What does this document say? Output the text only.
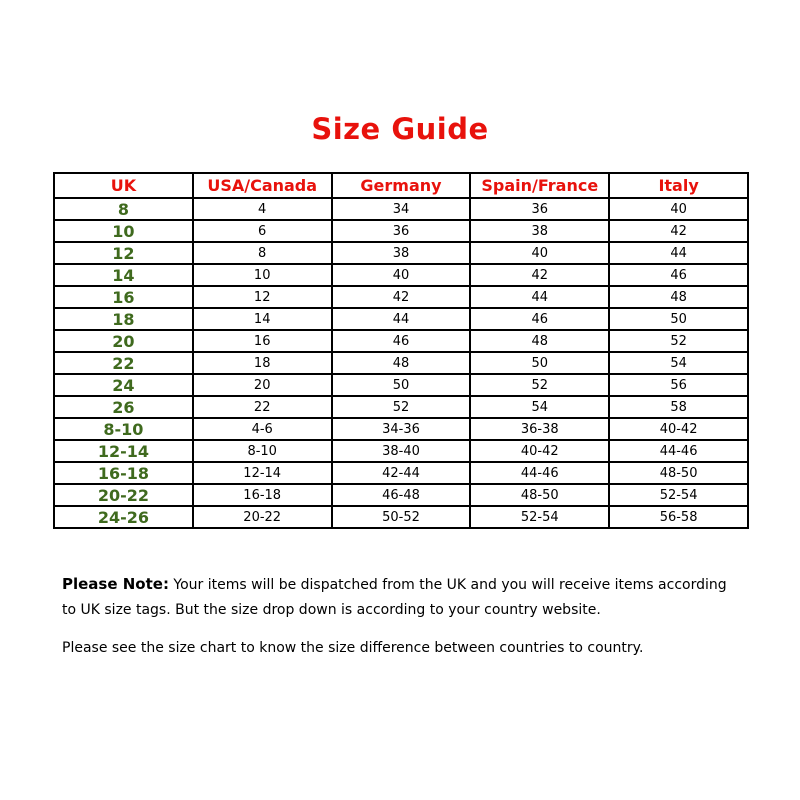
Size Guide
UK	USA/Canada	Germany	Spain/France	Italy
8	4	34	36	40
10	6	36	38	42
12	8	38	40	44
14	10	40	42	46
16	12	42	44	48
18	14	44	46	50
20	16	46	48	52
22	18	48	50	54
24	20	50	52	56
26	22	52	54	58
8-10	4-6	34-36	36-38	40-42
12-14	8-10	38-40	40-42	44-46
16-18	12-14	42-44	44-46	48-50
20-22	16-18	46-48	48-50	52-54
24-26	20-22	50-52	52-54	56-58
Please Note: Your items will be dispatched from the UK and you will receive items according to UK size tags. But the size drop down is according to your country website.
Please see the size chart to know the size difference between countries to country.
